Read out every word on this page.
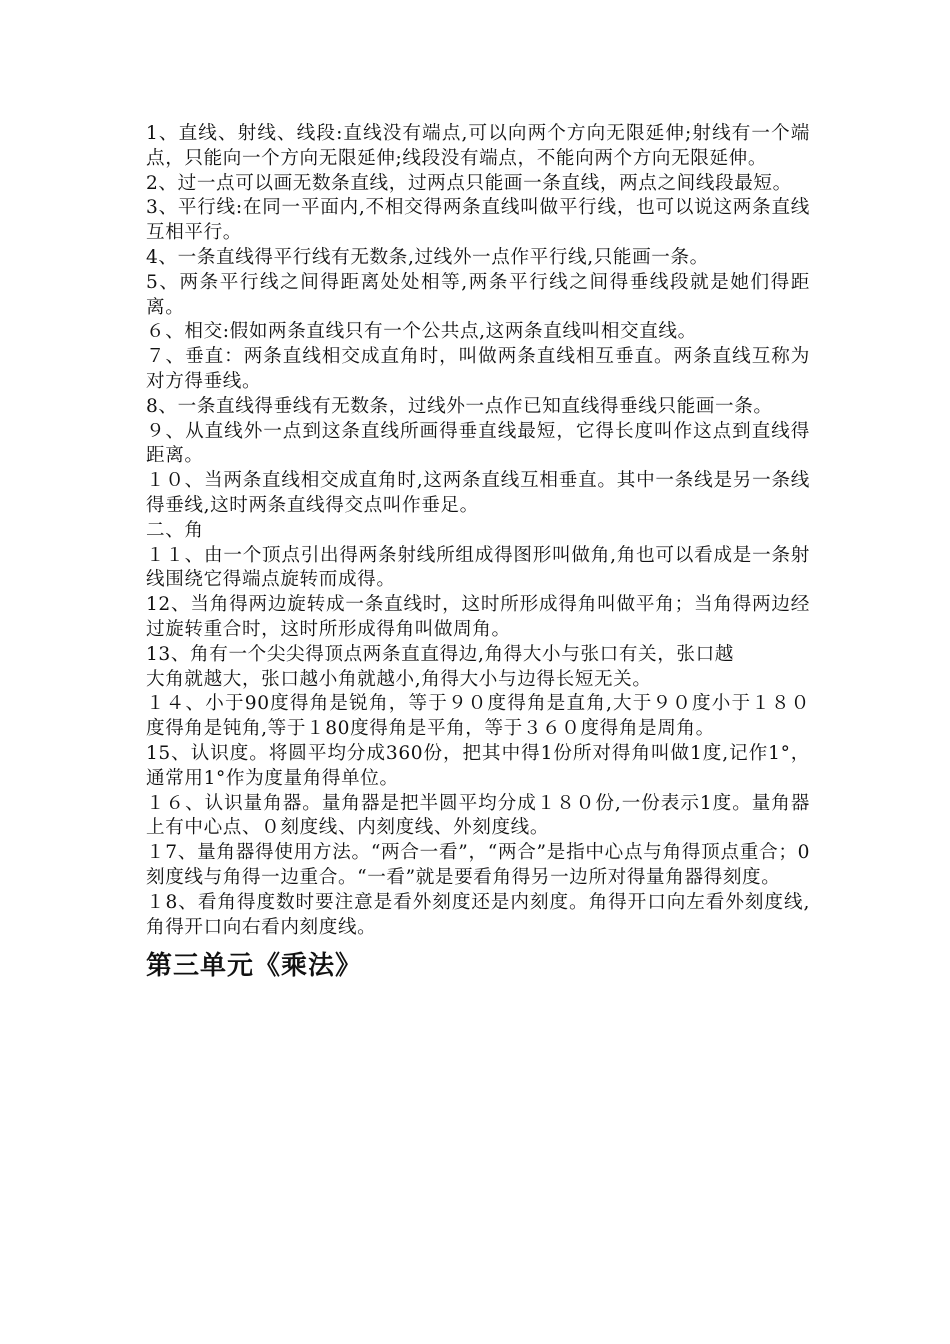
1、直线、射线、线段:直线没有端点,可以向两个方向无限延伸;射线有一个端点，只能向一个方向无限延伸;线段没有端点，不能向两个方向无限延伸。

2、过一点可以画无数条直线，过两点只能画一条直线，两点之间线段最短。

3、平行线:在同一平面内,不相交得两条直线叫做平行线，也可以说这两条直线互相平行。

4、一条直线得平行线有无数条,过线外一点作平行线,只能画一条。

5、两条平行线之间得距离处处相等,两条平行线之间得垂线段就是她们得距离。

６、相交:假如两条直线只有一个公共点,这两条直线叫相交直线。

７、垂直：两条直线相交成直角时，叫做两条直线相互垂直。两条直线互称为对方得垂线。

8、一条直线得垂线有无数条，过线外一点作已知直线得垂线只能画一条。

９、从直线外一点到这条直线所画得垂直线最短，它得长度叫作这点到直线得距离。

１０、当两条直线相交成直角时,这两条直线互相垂直。其中一条线是另一条线得垂线,这时两条直线得交点叫作垂足。

二、角

１１、由一个顶点引出得两条射线所组成得图形叫做角,角也可以看成是一条射线围绕它得端点旋转而成得。

12、当角得两边旋转成一条直线时，这时所形成得角叫做平角；当角得两边经过旋转重合时，这时所形成得角叫做周角。

13、角有一个尖尖得顶点两条直直得边,角得大小与张口有关，张口越

大角就越大，张口越小角就越小,角得大小与边得长短无关。

１４、小于90度得角是锐角，等于９０度得角是直角,大于９０度小于１８０度得角是钝角,等于１80度得角是平角，等于３６０度得角是周角。

15、认识度。将圆平均分成360份，把其中得1份所对得角叫做1度,记作1°，通常用1°作为度量角得单位。

１６、认识量角器。量角器是把半圆平均分成１８０份,一份表示1度。量角器上有中心点、０刻度线、内刻度线、外刻度线。

１7、量角器得使用方法。“两合一看”，“两合”是指中心点与角得顶点重合；0刻度线与角得一边重合。“一看”就是要看角得另一边所对得量角器得刻度。

１8、看角得度数时要注意是看外刻度还是内刻度。角得开口向左看外刻度线,角得开口向右看内刻度线。

第三单元《乘法》
